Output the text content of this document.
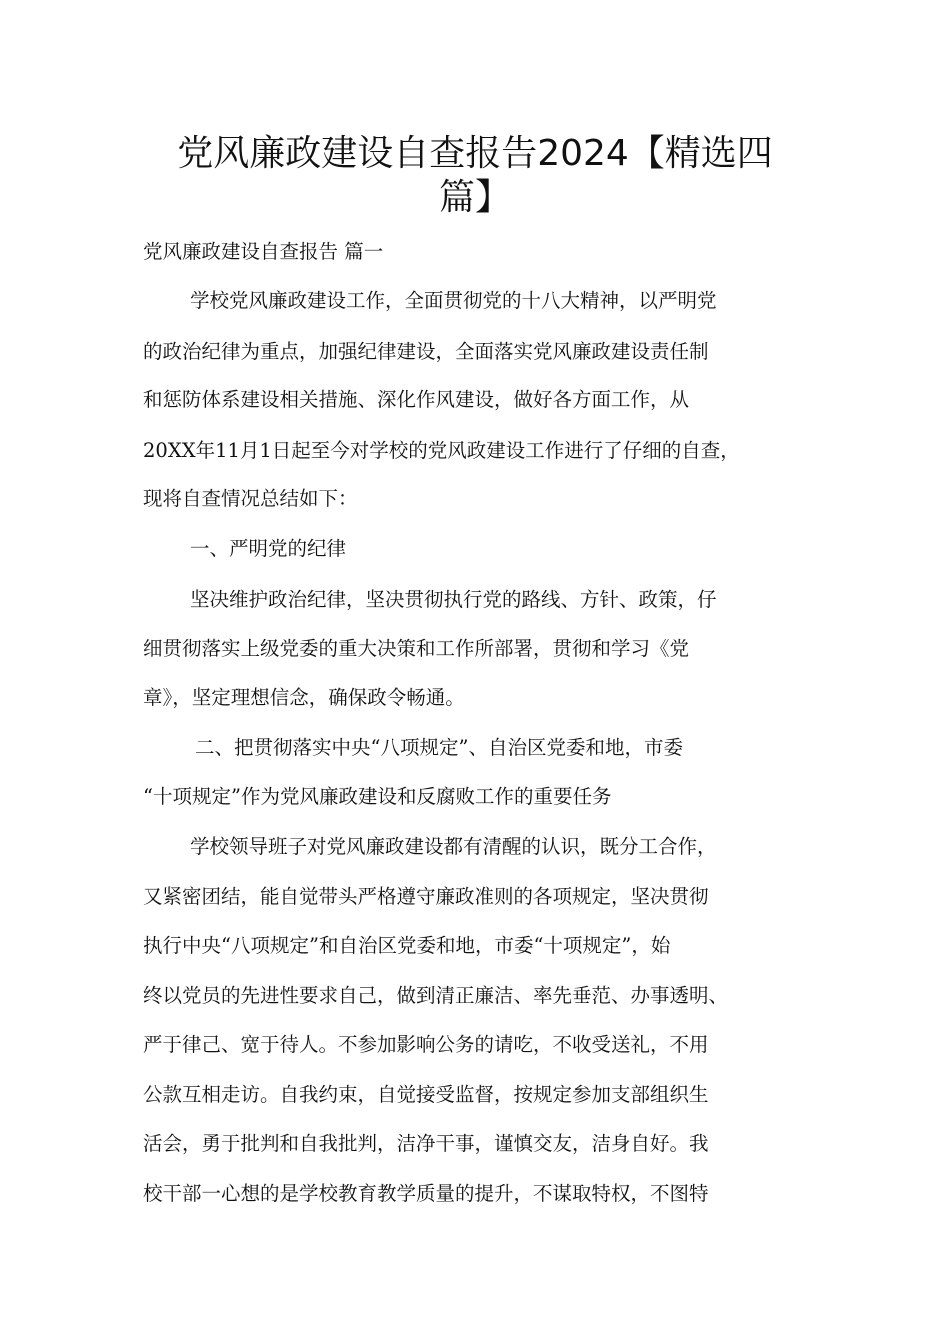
党风廉政建设自查报告2024【精选四
篇】
党风廉政建设自查报告 篇一
学校党风廉政建设工作，全面贯彻党的十八大精神，以严明党
的政治纪律为重点，加强纪律建设，全面落实党风廉政建设责任制
和惩防体系建设相关措施、深化作风建设，做好各方面工作，从
20XX年11月1日起至今对学校的党风政建设工作进行了仔细的自查，
现将自查情况总结如下：
一、严明党的纪律
坚决维护政治纪律，坚决贯彻执行党的路线、方针、政策，仔
细贯彻落实上级党委的重大决策和工作所部署，贯彻和学习《党
章》，坚定理想信念，确保政令畅通。
二、把贯彻落实中央“八项规定”、自治区党委和地，市委
“十项规定”作为党风廉政建设和反腐败工作的重要任务
学校领导班子对党风廉政建设都有清醒的认识，既分工合作，
又紧密团结，能自觉带头严格遵守廉政准则的各项规定，坚决贯彻
执行中央“八项规定”和自治区党委和地，市委“十项规定”，始
终以党员的先进性要求自己，做到清正廉洁、率先垂范、办事透明、
严于律己、宽于待人。不参加影响公务的请吃，不收受送礼，不用
公款互相走访。自我约束，自觉接受监督，按规定参加支部组织生
活会，勇于批判和自我批判，洁净干事，谨慎交友，洁身自好。我
校干部一心想的是学校教育教学质量的提升，不谋取特权，不图特
